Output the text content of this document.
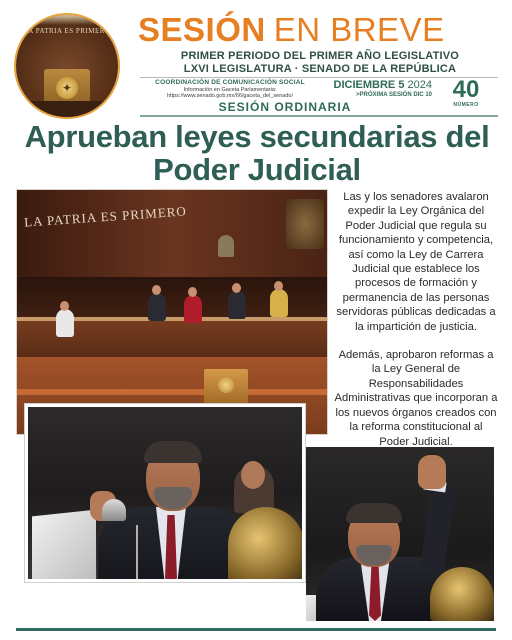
LA PATRIA ES PRIMERO
✦
SESIÓN EN BREVE
PRIMER PERIODO DEL PRIMER AÑO LEGISLATIVO
LXVI LEGISLATURA · SENADO DE LA REPÚBLICA
COORDINACIÓN DE COMUNICACIÓN SOCIAL
Información en Gaceta Parlamentaria:
https://www.senado.gob.mx/66/gaceta_del_senado/
DICIEMBRE 5 2024
>PRÓXIMA SESIÓN DIC 10 40
NÚMERO
SESIÓN ORDINARIA
Aprueban leyes secundarias del Poder Judicial
LA PATRIA ES PRIMERO

Las y los senadores avalaron expedir la Ley Orgánica del Poder Judicial que regula su funcionamiento y competencia, así como la Ley de Carrera Judicial que establece los procesos de formación y permanencia de las personas servidoras públicas dedicadas a la impartición de justicia.

Además, aprobaron reformas a la Ley General de Responsabilidades Administrativas que incorporan a los nuevos órganos creados con la reforma constitucional al Poder Judicial.
